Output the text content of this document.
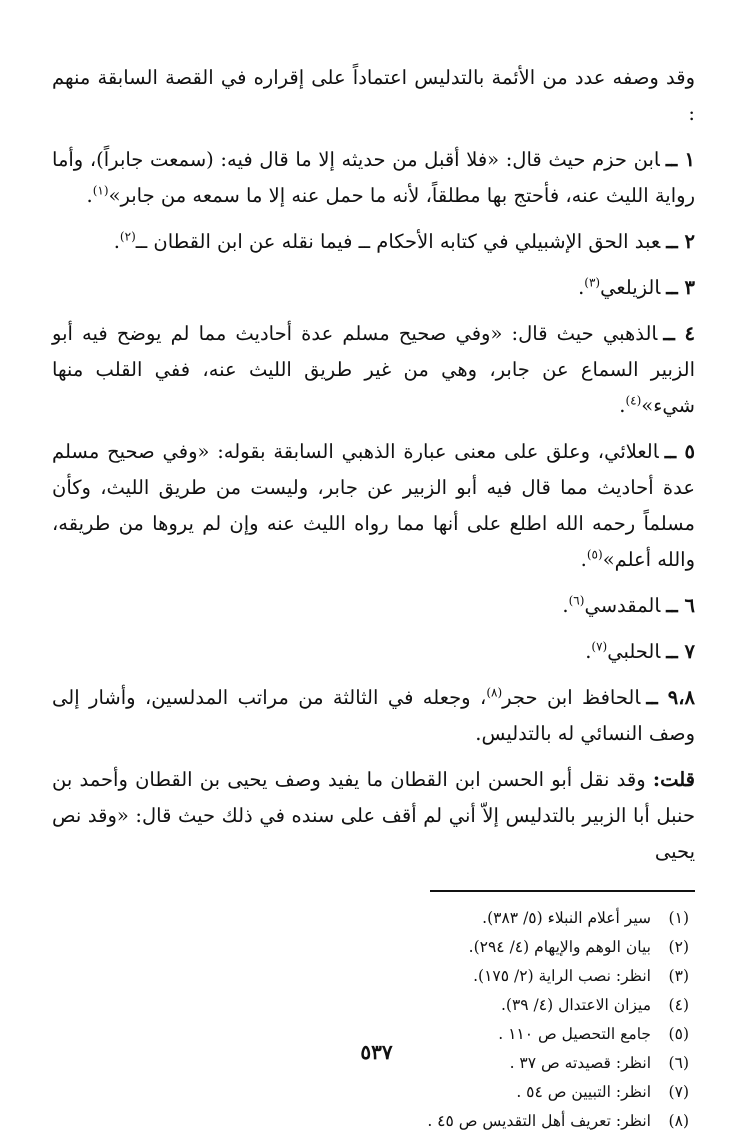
وقد وصفه عدد من الأئمة بالتدليس اعتماداً على إقراره في القصة السابقة منهم :

١ ــابن حزم حيث قال: «فلا أقبل من حديثه إلا ما قال فيه: (سمعت جابراً)، وأما رواية الليث عنه، فأحتج بها مطلقاً، لأنه ما حمل عنه إلا ما سمعه من جابر»$^{(١)}$.

٢ ــعبد الحق الإشبيلي في كتابه الأحكام ــ فيما نقله عن ابن القطان ــ$^{(٢)}$.

٣ ــالزيلعي$^{(٣)}$.

٤ ــالذهبي حيث قال: «وفي صحيح مسلم عدة أحاديث مما لم يوضح فيه أبو الزبير السماع عن جابر، وهي من غير طريق الليث عنه، ففي القلب منها شيء»$^{(٤)}$.

٥ ــالعلائي، وعلق على معنى عبارة الذهبي السابقة بقوله: «وفي صحيح مسلم عدة أحاديث مما قال فيه أبو الزبير عن جابر، وليست من طريق الليث، وكأن مسلماً رحمه الله اطلع على أنها مما رواه الليث عنه وإن لم يروها من طريقه، والله أعلم»$^{(٥)}$.

٦ ــالمقدسي$^{(٦)}$.

٧ ــالحلبي$^{(٧)}$.

٩،٨ ــالحافظ ابن حجر$^{(٨)}$، وجعله في الثالثة من مراتب المدلسين، وأشار إلى وصف النسائي له بالتدليس.

قلت: وقد نقل أبو الحسن ابن القطان ما يفيد وصف يحيى بن القطان وأحمد بن حنبل أبا الزبير بالتدليس إلاّ أني لم أقف على سنده في ذلك حيث قال: «وقد نص يحيى

(١)سير أعلام النبلاء (٥/ ٣٨٣).

(٢)بيان الوهم والإيهام (٤/ ٢٩٤).

(٣)انظر: نصب الراية (٢/ ١٧٥).

(٤)ميزان الاعتدال (٤/ ٣٩).

(٥)جامع التحصيل ص ١١٠ .

(٦)انظر: قصيدته ص ٣٧ .

(٧)انظر: التبيين ص ٥٤ .

(٨)انظر: تعريف أهل التقديس ص ٤٥ .

٥٣٧
